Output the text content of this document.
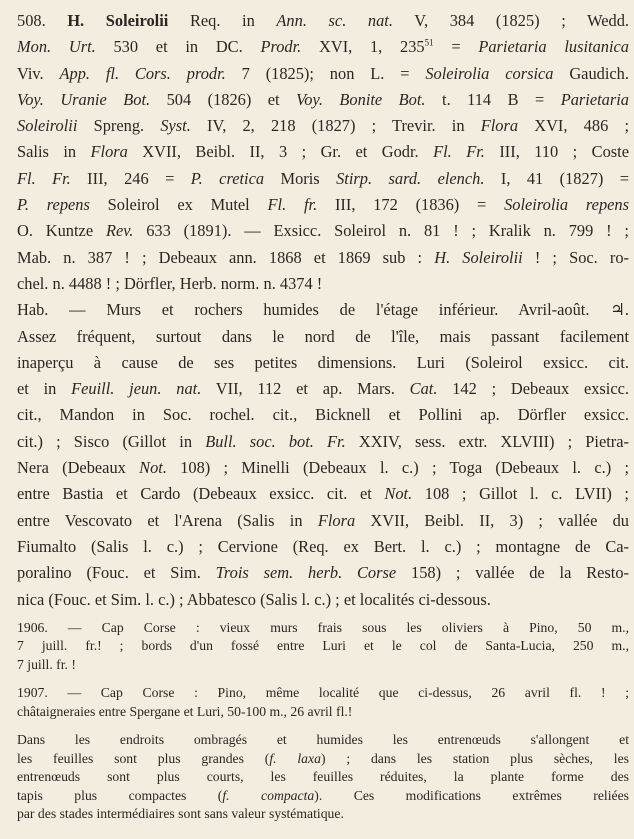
508. H. Soleirolii Req. in Ann. sc. nat. V, 384 (1825) ; Wedd.
Mon. Urt. 530 et in DC. Prodr. XVI, 1, $235^{51}$ = Parietaria lusitanica
Viv. App. fl. Cors. prodr. 7 (1825); non L. = Soleirolia corsica Gaudich.
Voy. Uranie Bot. 504 (1826) et Voy. Bonite Bot. t. 114 B = Parietaria
Soleirolii Spreng. Syst. IV, 2, 218 (1827) ; Trevir. in Flora XVI, 486 ;
Salis in Flora XVII, Beibl. II, 3 ; Gr. et Godr. Fl. Fr. III, 110 ; Coste
Fl. Fr. III, 246 = P. cretica Moris Stirp. sard. elench. I, 41 (1827) =
P. repens Soleirol ex Mutel Fl. fr. III, 172 (1836) = Soleirolia repens
O. Kuntze Rev. 633 (1891). — Exsicc. Soleirol n. 81 ! ; Kralik n. 799 ! ;
Mab. n. 387 ! ; Debeaux ann. 1868 et 1869 sub : H. Soleirolii ! ; Soc. ro-
chel. n. 4488 ! ; Dörfler, Herb. norm. n. 4374 !
Hab. — Murs et rochers humides de l'étage inférieur. Avril-août. ♃.
Assez fréquent, surtout dans le nord de l'île, mais passant facilement
inaperçu à cause de ses petites dimensions. Luri (Soleirol exsicc. cit.
et in Feuill. jeun. nat. VII, 112 et ap. Mars. Cat. 142 ; Debeaux exsicc.
cit., Mandon in Soc. rochel. cit., Bicknell et Pollini ap. Dörfler exsicc.
cit.) ; Sisco (Gillot in Bull. soc. bot. Fr. XXIV, sess. extr. XLVIII) ; Pietra-
Nera (Debeaux Not. 108) ; Minelli (Debeaux l. c.) ; Toga (Debeaux l. c.) ;
entre Bastia et Cardo (Debeaux exsicc. cit. et Not. 108 ; Gillot l. c. LVII) ;
entre Vescovato et l'Arena (Salis in Flora XVII, Beibl. II, 3) ; vallée du
Fiumalto (Salis l. c.) ; Cervione (Req. ex Bert. l. c.) ; montagne de Ca-
poralino (Fouc. et Sim. Trois sem. herb. Corse 158) ; vallée de la Resto-
nica (Fouc. et Sim. l. c.) ; Abbatesco (Salis l. c.) ; et localités ci-dessous.
1906. — Cap Corse : vieux murs frais sous les oliviers à Pino, 50 m.,
7 juill. fr.! ; bords d'un fossé entre Luri et le col de Santa-Lucia, 250 m.,
7 juill. fr. !
1907. — Cap Corse : Pino, même localité que ci-dessus, 26 avril fl. ! ;
châtaigneraies entre Spergane et Luri, 50-100 m., 26 avril fl.!
Dans les endroits ombragés et humides les entrenœuds s'allongent et
les feuilles sont plus grandes (f. laxa) ; dans les station plus sèches, les
entrenœuds sont plus courts, les feuilles réduites, la plante forme des
tapis plus compactes (f. compacta). Ces modifications extrêmes reliées
par des stades intermédiaires sont sans valeur systématique.
